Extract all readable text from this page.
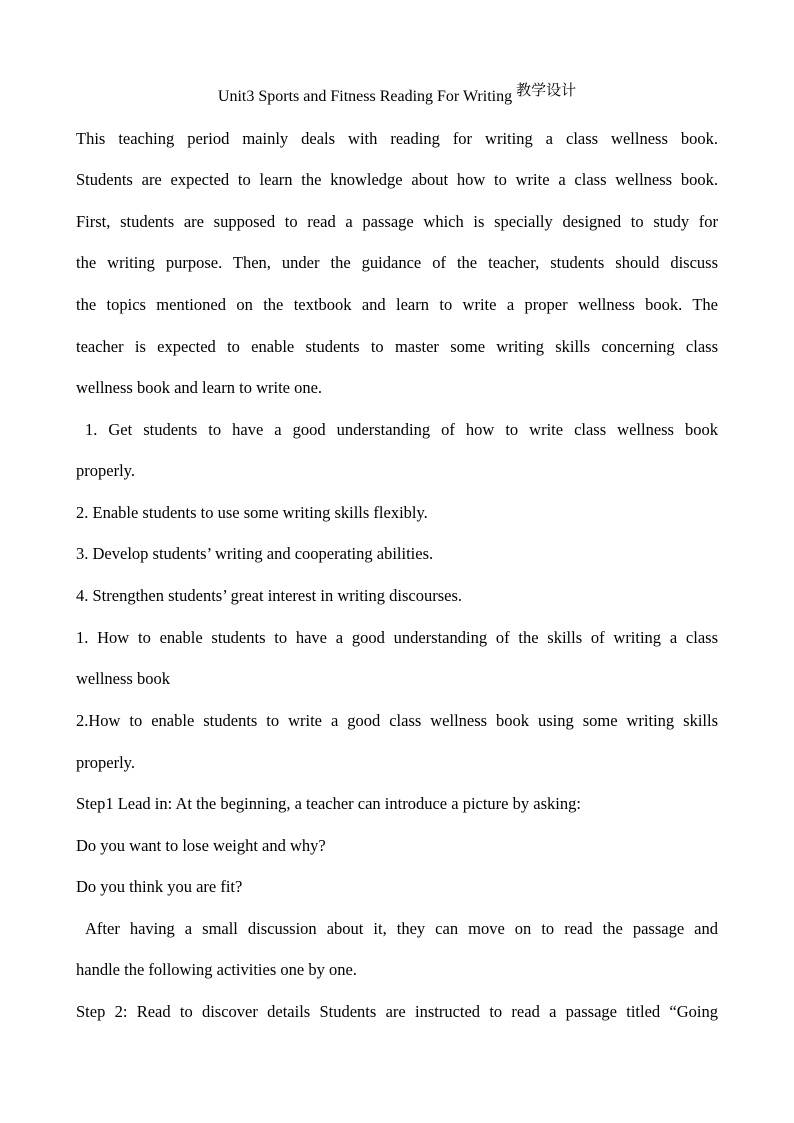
Unit3 Sports and Fitness Reading For Writing 教学设计
This teaching period mainly deals with reading for writing a class wellness book.
Students are expected to learn the knowledge about how to write a class wellness book.
First, students are supposed to read a passage which is specially designed to study for
the writing purpose. Then, under the guidance of the teacher, students should discuss
the topics mentioned on the textbook and learn to write a proper wellness book. The
teacher is expected to enable students to master some writing skills concerning class
wellness book and learn to write one.
1. Get students to have a good understanding of how to write class wellness book
properly.
2. Enable students to use some writing skills flexibly.
3. Develop students’ writing and cooperating abilities.
4. Strengthen students’ great interest in writing discourses.
1. How to enable students to have a good understanding of the skills of writing a class
wellness book
2.How to enable students to write a good class wellness book using some writing skills
properly.
Step1 Lead in: At the beginning, a teacher can introduce a picture by asking:
Do you want to lose weight and why?
Do you think you are fit?
After having a small discussion about it, they can move on to read the passage and
handle the following activities one by one.
Step 2: Read to discover details Students are instructed to read a passage titled “Going
